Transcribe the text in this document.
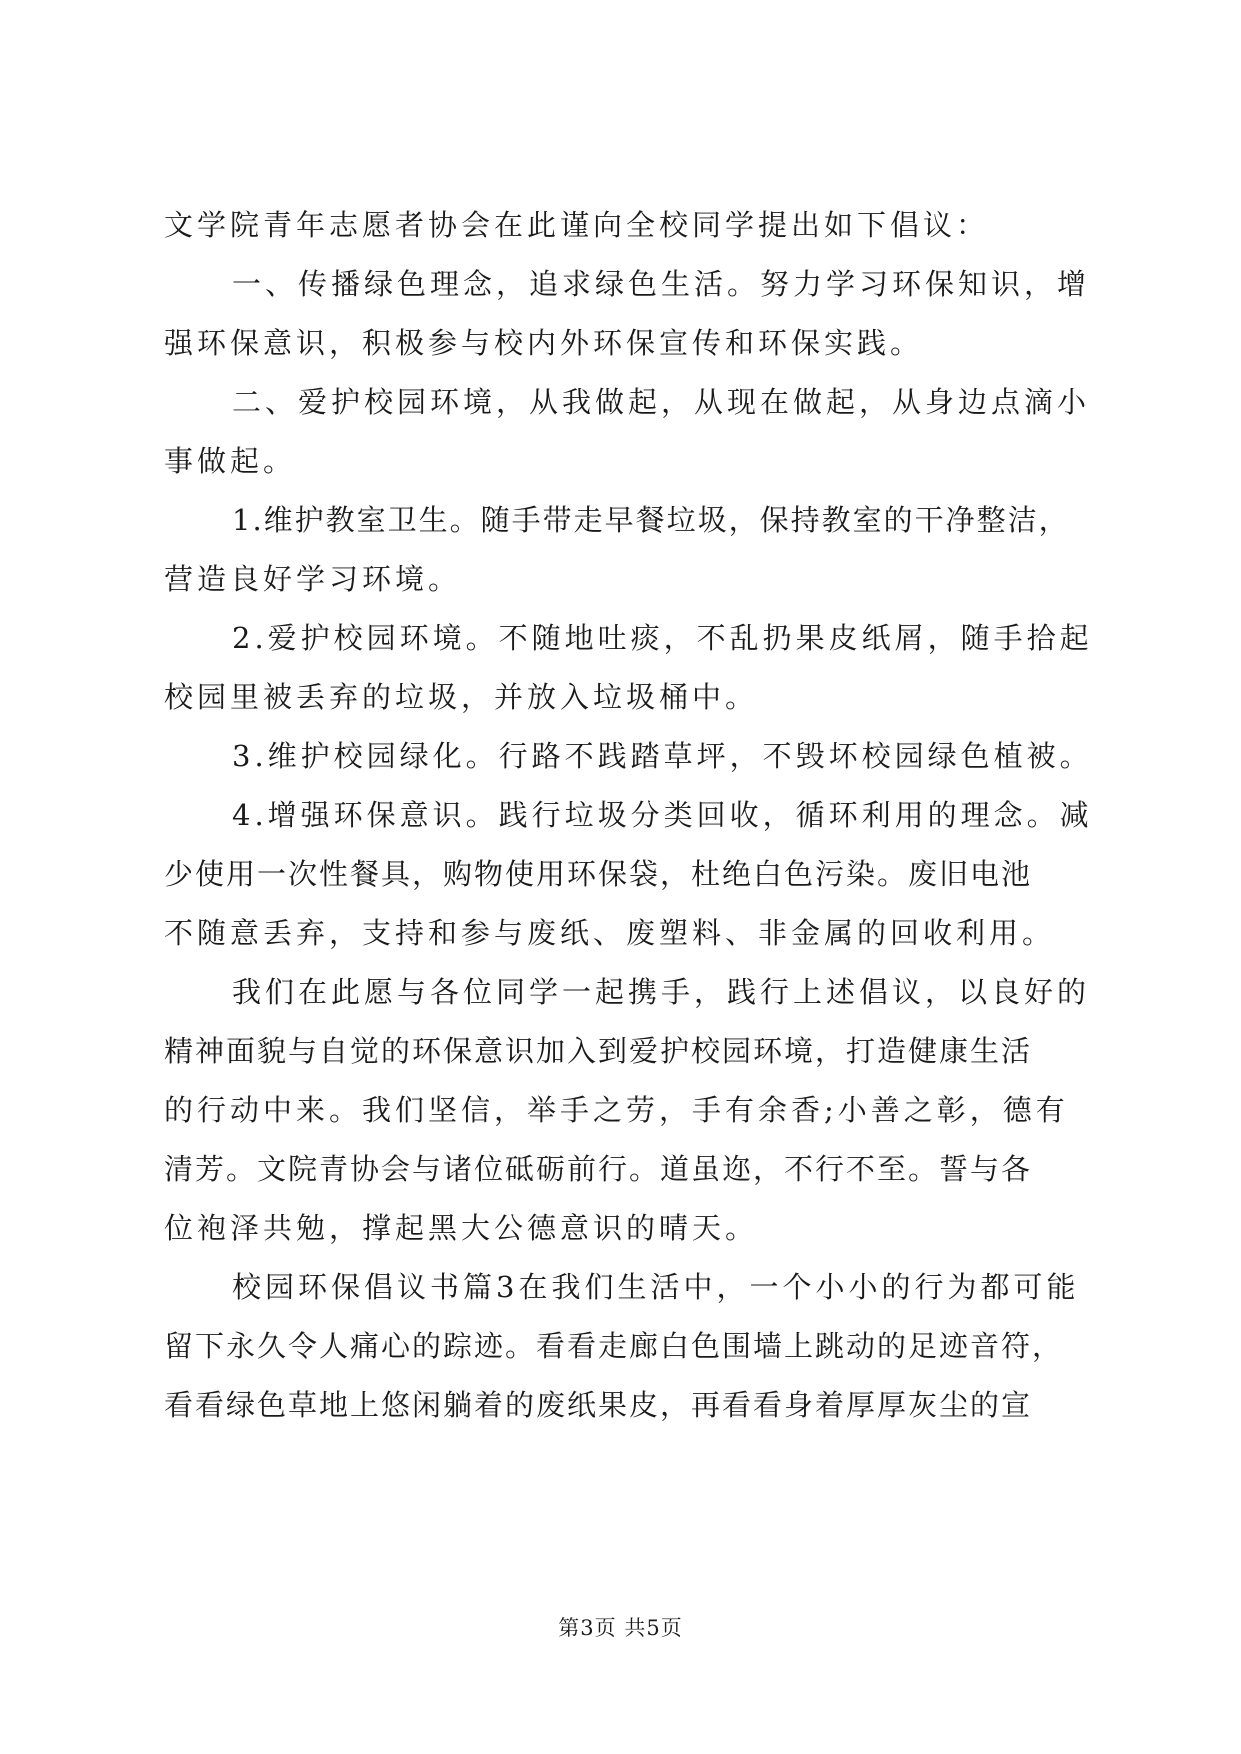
文学院青年志愿者协会在此谨向全校同学提出如下倡议：
一、传播绿色理念，追求绿色生活。努力学习环保知识，增
强环保意识，积极参与校内外环保宣传和环保实践。
二、爱护校园环境，从我做起，从现在做起，从身边点滴小
事做起。
1.维护教室卫生。随手带走早餐垃圾，保持教室的干净整洁，
营造良好学习环境。
2.爱护校园环境。不随地吐痰，不乱扔果皮纸屑，随手拾起
校园里被丢弃的垃圾，并放入垃圾桶中。
3.维护校园绿化。行路不践踏草坪，不毁坏校园绿色植被。
4.增强环保意识。践行垃圾分类回收，循环利用的理念。减
少使用一次性餐具，购物使用环保袋，杜绝白色污染。废旧电池
不随意丢弃，支持和参与废纸、废塑料、非金属的回收利用。
我们在此愿与各位同学一起携手，践行上述倡议，以良好的
精神面貌与自觉的环保意识加入到爱护校园环境，打造健康生活
的行动中来。我们坚信，举手之劳，手有余香;小善之彰，德有
清芳。文院青协会与诸位砥砺前行。道虽迩，不行不至。誓与各
位袍泽共勉，撑起黑大公德意识的晴天。
校园环保倡议书篇3在我们生活中，一个小小的行为都可能
留下永久令人痛心的踪迹。看看走廊白色围墙上跳动的足迹音符，
看看绿色草地上悠闲躺着的废纸果皮，再看看身着厚厚灰尘的宣
第3页 共5页
